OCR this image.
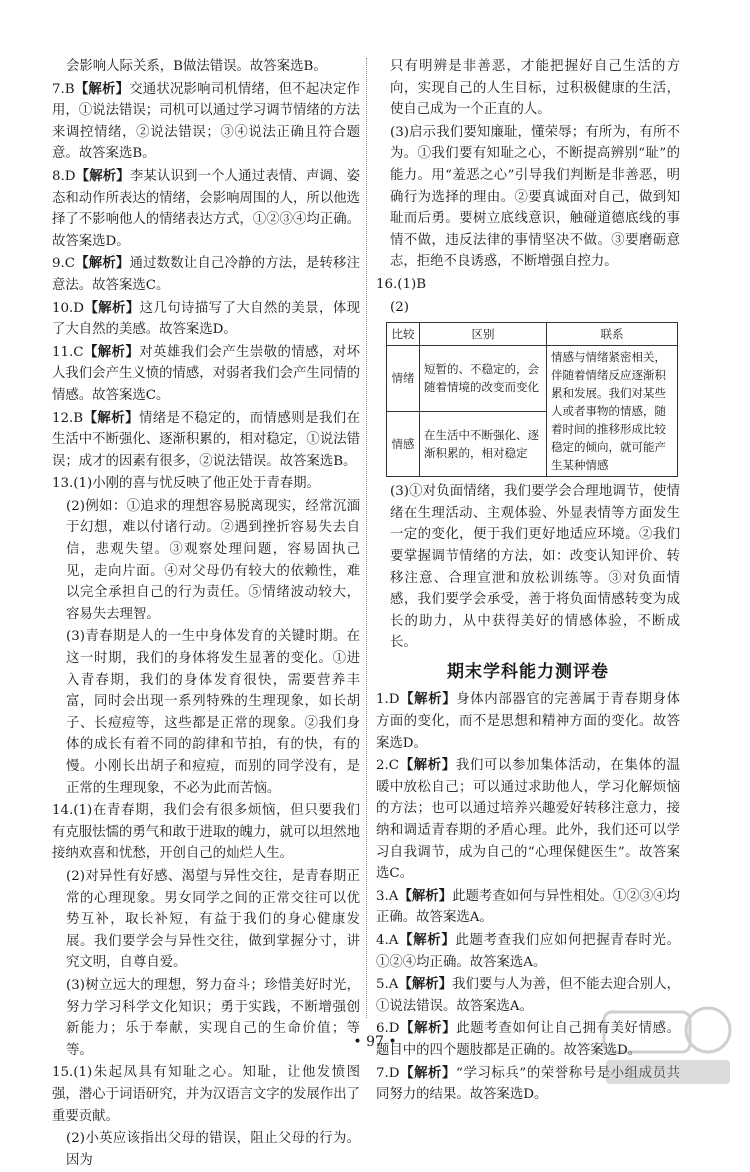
会影响人际关系，B做法错误。故答案选B。
7.B【解析】交通状况影响司机情绪，但不起决定作用，①说法错误；司机可以通过学习调节情绪的方法来调控情绪，②说法错误；③④说法正确且符合题意。故答案选B。
8.D【解析】李某认识到一个人通过表情、声调、姿态和动作所表达的情绪，会影响周围的人，所以他选择了不影响他人的情绪表达方式，①②③④均正确。故答案选D。
9.C【解析】通过数数让自己冷静的方法，是转移注意法。故答案选C。
10.D【解析】这几句诗描写了大自然的美景，体现了大自然的美感。故答案选D。
11.C【解析】对英雄我们会产生崇敬的情感，对坏人我们会产生义愤的情感，对弱者我们会产生同情的情感。故答案选C。
12.B【解析】情绪是不稳定的，而情感则是我们在生活中不断强化、逐渐积累的，相对稳定，①说法错误；成才的因素有很多，②说法错误。故答案选B。
13.(1)小刚的喜与忧反映了他正处于青春期。
(2)例如：①追求的理想容易脱离现实，经常沉湎于幻想，难以付诸行动。②遇到挫折容易失去自信，悲观失望。③观察处理问题，容易固执己见，走向片面。④对父母仍有较大的依赖性，难以完全承担自己的行为责任。⑤情绪波动较大，容易失去理智。
(3)青春期是人的一生中身体发育的关键时期。在这一时期，我们的身体将发生显著的变化。①进入青春期，我们的身体发育很快，需要营养丰富，同时会出现一系列特殊的生理现象，如长胡子、长痘痘等，这些都是正常的现象。②我们身体的成长有着不同的韵律和节拍，有的快，有的慢。小刚长出胡子和痘痘，而别的同学没有，是正常的生理现象，不必为此而苦恼。
14.(1)在青春期，我们会有很多烦恼，但只要我们有克服怯懦的勇气和敢于进取的魄力，就可以坦然地接纳欢喜和忧愁，开创自己的灿烂人生。
(2)对异性有好感、渴望与异性交往，是青春期正常的心理现象。男女同学之间的正常交往可以优势互补，取长补短，有益于我们的身心健康发展。我们要学会与异性交往，做到掌握分寸，讲究文明，自尊自爱。
(3)树立远大的理想，努力奋斗；珍惜美好时光，努力学习科学文化知识；勇于实践，不断增强创新能力；乐于奉献，实现自己的生命价值；等等。
15.(1)朱起凤具有知耻之心。知耻，让他发愤图强，潜心于词语研究，并为汉语言文字的发展作出了重要贡献。
(2)小英应该指出父母的错误，阻止父母的行为。因为
只有明辨是非善恶，才能把握好自己生活的方向，实现自己的人生目标，过积极健康的生活，使自己成为一个正直的人。
(3)启示我们要知廉耻，懂荣辱；有所为，有所不为。①我们要有知耻之心，不断提高辨别“耻”的能力。用“羞恶之心”引导我们判断是非善恶，明确行为选择的理由。②要真诚面对自己，做到知耻而后勇。要树立底线意识，触碰道德底线的事情不做，违反法律的事情坚决不做。③要磨砺意志，拒绝不良诱惑，不断增强自控力。
16.(1)B
(2)
比较	区别	联系
情绪	短暂的、不稳定的，会随着情境的改变而变化	情感与情绪紧密相关，伴随着情绪反应逐渐积累和发展。我们对某些人或者事物的情感，随着时间的推移形成比较稳定的倾向，就可能产生某种情感
情感	在生活中不断强化、逐渐积累的，相对稳定	
(3)①对负面情绪，我们要学会合理地调节，使情绪在生理活动、主观体验、外显表情等方面发生一定的变化，便于我们更好地适应环境。②我们要掌握调节情绪的方法，如：改变认知评价、转移注意、合理宣泄和放松训练等。③对负面情感，我们要学会承受，善于将负面情感转变为成长的助力，从中获得美好的情感体验，不断成长。
期末学科能力测评卷
1.D【解析】身体内部器官的完善属于青春期身体方面的变化，而不是思想和精神方面的变化。故答案选D。
2.C【解析】我们可以参加集体活动，在集体的温暖中放松自己；可以通过求助他人，学习化解烦恼的方法；也可以通过培养兴趣爱好转移注意力，接纳和调适青春期的矛盾心理。此外，我们还可以学习自我调节，成为自己的“心理保健医生”。故答案选C。
3.A【解析】此题考查如何与异性相处。①②③④均正确。故答案选A。
4.A【解析】此题考查我们应如何把握青春时光。①②④均正确。故答案选A。
5.A【解析】我们要与人为善，但不能去迎合别人，①说法错误。故答案选A。
6.D【解析】此题考查如何让自己拥有美好情感。题目中的四个题肢都是正确的。故答案选D。
7.D【解析】“学习标兵”的荣誉称号是小组成员共同努力的结果。故答案选D。
• 97 •
